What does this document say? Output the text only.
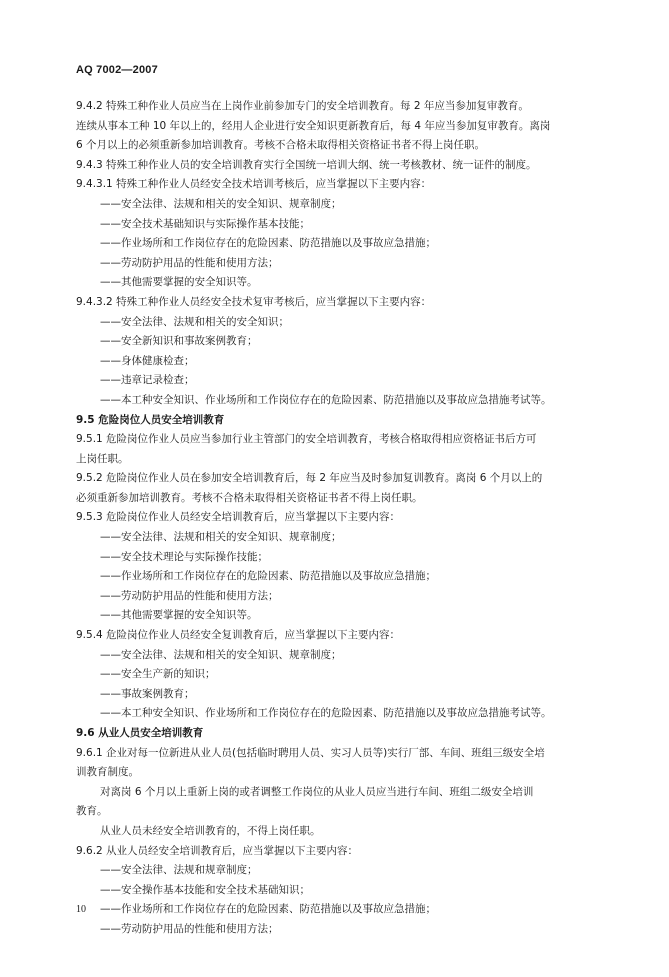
AQ 7002—2007
9.4.2 特殊工种作业人员应当在上岗作业前参加专门的安全培训教育。每 2 年应当参加复审教育。
连续从事本工种 10 年以上的，经用人企业进行安全知识更新教育后，每 4 年应当参加复审教育。离岗
6 个月以上的必须重新参加培训教育。考核不合格未取得相关资格证书者不得上岗任职。
9.4.3 特殊工种作业人员的安全培训教育实行全国统一培训大纲、统一考核教材、统一证件的制度。
9.4.3.1 特殊工种作业人员经安全技术培训考核后，应当掌握以下主要内容：
——安全法律、法规和相关的安全知识、规章制度；
——安全技术基础知识与实际操作基本技能；
——作业场所和工作岗位存在的危险因素、防范措施以及事故应急措施；
——劳动防护用品的性能和使用方法；
——其他需要掌握的安全知识等。
9.4.3.2 特殊工种作业人员经安全技术复审考核后，应当掌握以下主要内容：
——安全法律、法规和相关的安全知识；
——安全新知识和事故案例教育；
——身体健康检查；
——违章记录检查；
——本工种安全知识、作业场所和工作岗位存在的危险因素、防范措施以及事故应急措施考试等。
9.5 危险岗位人员安全培训教育
9.5.1 危险岗位作业人员应当参加行业主管部门的安全培训教育，考核合格取得相应资格证书后方可
上岗任职。
9.5.2 危险岗位作业人员在参加安全培训教育后，每 2 年应当及时参加复训教育。离岗 6 个月以上的
必须重新参加培训教育。考核不合格未取得相关资格证书者不得上岗任职。
9.5.3 危险岗位作业人员经安全培训教育后，应当掌握以下主要内容：
——安全法律、法规和相关的安全知识、规章制度；
——安全技术理论与实际操作技能；
——作业场所和工作岗位存在的危险因素、防范措施以及事故应急措施；
——劳动防护用品的性能和使用方法；
——其他需要掌握的安全知识等。
9.5.4 危险岗位作业人员经安全复训教育后，应当掌握以下主要内容：
——安全法律、法规和相关的安全知识、规章制度；
——安全生产新的知识；
——事故案例教育；
——本工种安全知识、作业场所和工作岗位存在的危险因素、防范措施以及事故应急措施考试等。
9.6 从业人员安全培训教育
9.6.1 企业对每一位新进从业人员(包括临时聘用人员、实习人员等)实行厂部、车间、班组三级安全培
训教育制度。
对离岗 6 个月以上重新上岗的或者调整工作岗位的从业人员应当进行车间、班组二级安全培训
教育。
从业人员未经安全培训教育的，不得上岗任职。
9.6.2 从业人员经安全培训教育后，应当掌握以下主要内容：
——安全法律、法规和规章制度；
——安全操作基本技能和安全技术基础知识；
——作业场所和工作岗位存在的危险因素、防范措施以及事故应急措施；
——劳动防护用品的性能和使用方法；
10
